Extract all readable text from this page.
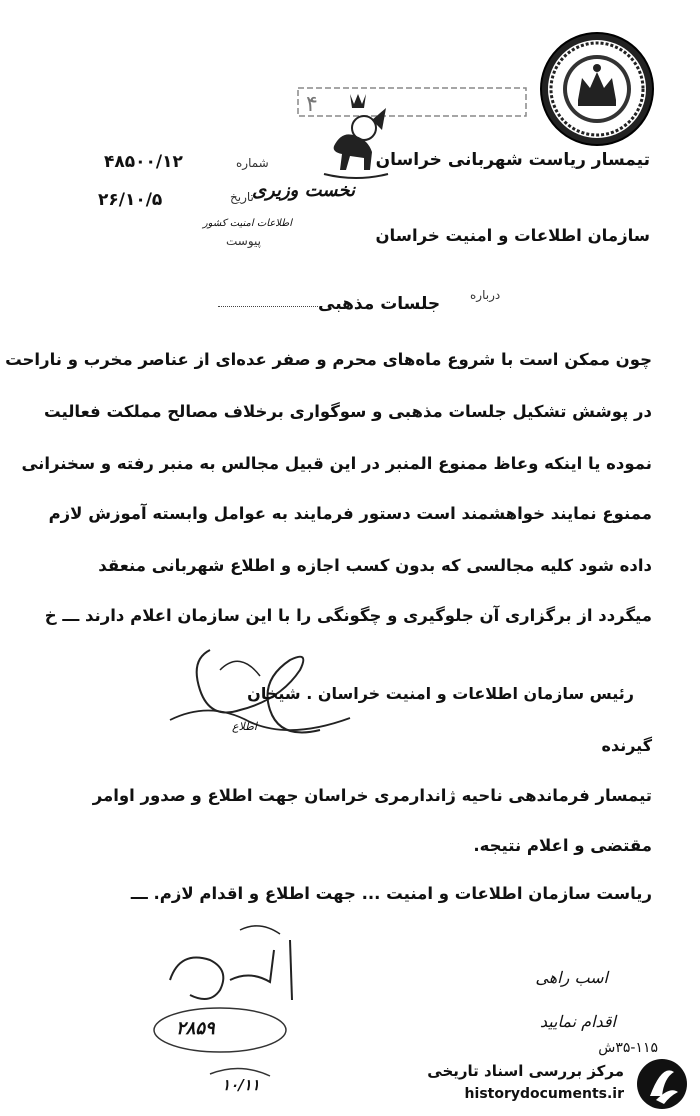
۴
تیمسار ریاست شهربانی خراسان
نخست وزیری
سازمان اطلاعات و امنیت خراسان
اطلاعات امنیت کشور
شماره
۴۸۵۰۰/۱۲
تاریخ
۲۶/۱۰/۵
پیوست
درباره
جلسات مذهبی
چون ممکن است با شروع ماه‌های محرم و صفر عده‌ای از عناصر مخرب و ناراحت
در پوشش تشکیل جلسات مذهبی و سوگواری برخلاف مصالح مملکت فعالیت
نموده یا اینکه وعاظ ممنوع المنبر در این قبیل مجالس به منبر رفته و سخنرانی
ممنوع نمایند خواهشمند است دستور فرمایند به عوامل وابسته آموزش لازم
داده شود کلیه مجالسی که بدون کسب اجازه و اطلاع شهربانی منعقد
میگردد از برگزاری آن جلوگیری و چگونگی را با این سازمان اعلام دارند ـــ خ
رئیس سازمان اطلاعات و امنیت خراسان . شیخان
اطلاع
گیرنده
تیمسار فرماندهی ناحیه ژاندارمری خراسان جهت اطلاع و صدور اوامر
مقتضی و اعلام نتیجه.
ریاست سازمان اطلاعات و امنیت ... جهت اطلاع و اقدام لازم. ـــ
۲۸۵۹
۱۰/۱۱
اسب راهی
اقدام نمایید
۳۵-۱۱۵ش
مرکز بررسی اسناد تاریخی
historydocuments.ir
